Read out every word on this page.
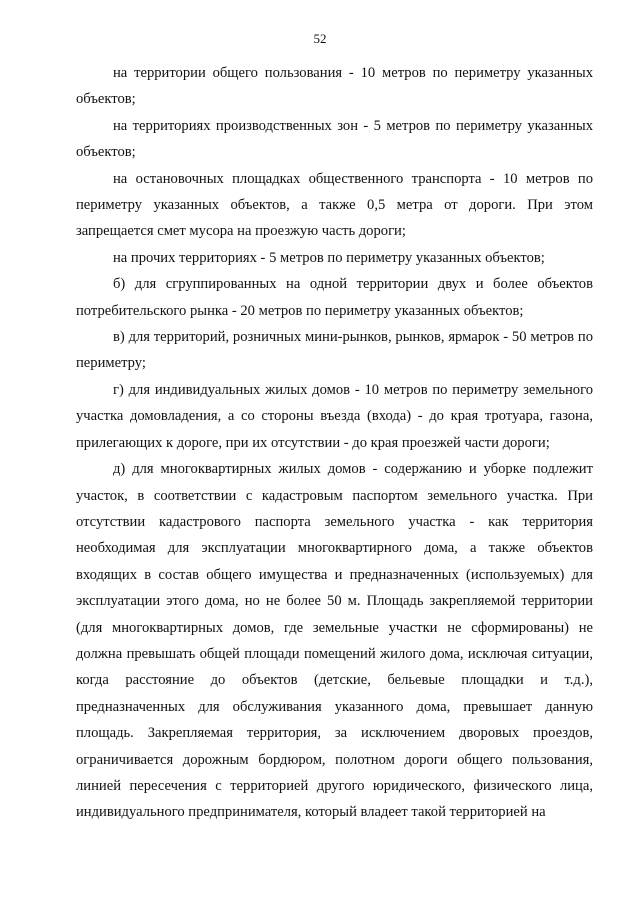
52

на территории общего пользования - 10 метров по периметру указанных объектов;

на территориях производственных зон - 5 метров по периметру указанных объектов;

на остановочных площадках общественного транспорта - 10 метров по периметру указанных объектов, а также 0,5 метра от дороги. При этом запрещается смет мусора на проезжую часть дороги;

на прочих территориях - 5 метров по периметру указанных объектов;

б) для сгруппированных на одной территории двух и более объектов потребительского рынка - 20 метров по периметру указанных объектов;

в) для территорий, розничных мини-рынков, рынков, ярмарок - 50 метров по периметру;

г) для индивидуальных жилых домов - 10 метров по периметру земельного участка домовладения, а со стороны въезда (входа) - до края тротуара, газона, прилегающих к дороге, при их отсутствии - до края проезжей части дороги;

д) для многоквартирных жилых домов - содержанию и уборке подлежит участок, в соответствии с кадастровым паспортом земельного участка. При отсутствии кадастрового паспорта земельного участка - как территория необходимая для эксплуатации многоквартирного дома, а также объектов входящих в состав общего имущества и предназначенных (используемых) для эксплуатации этого дома, но не более 50 м. Площадь закрепляемой территории (для многоквартирных домов, где земельные участки не сформированы) не должна превышать общей площади помещений жилого дома, исключая ситуации, когда расстояние до объектов (детские, бельевые площадки и т.д.), предназначенных для обслуживания указанного дома, превышает данную площадь. Закрепляемая территория, за исключением дворовых проездов, ограничивается дорожным бордюром, полотном дороги общего пользования, линией пересечения с территорией другого юридического, физического лица, индивидуального предпринимателя, который владеет такой территорией на
